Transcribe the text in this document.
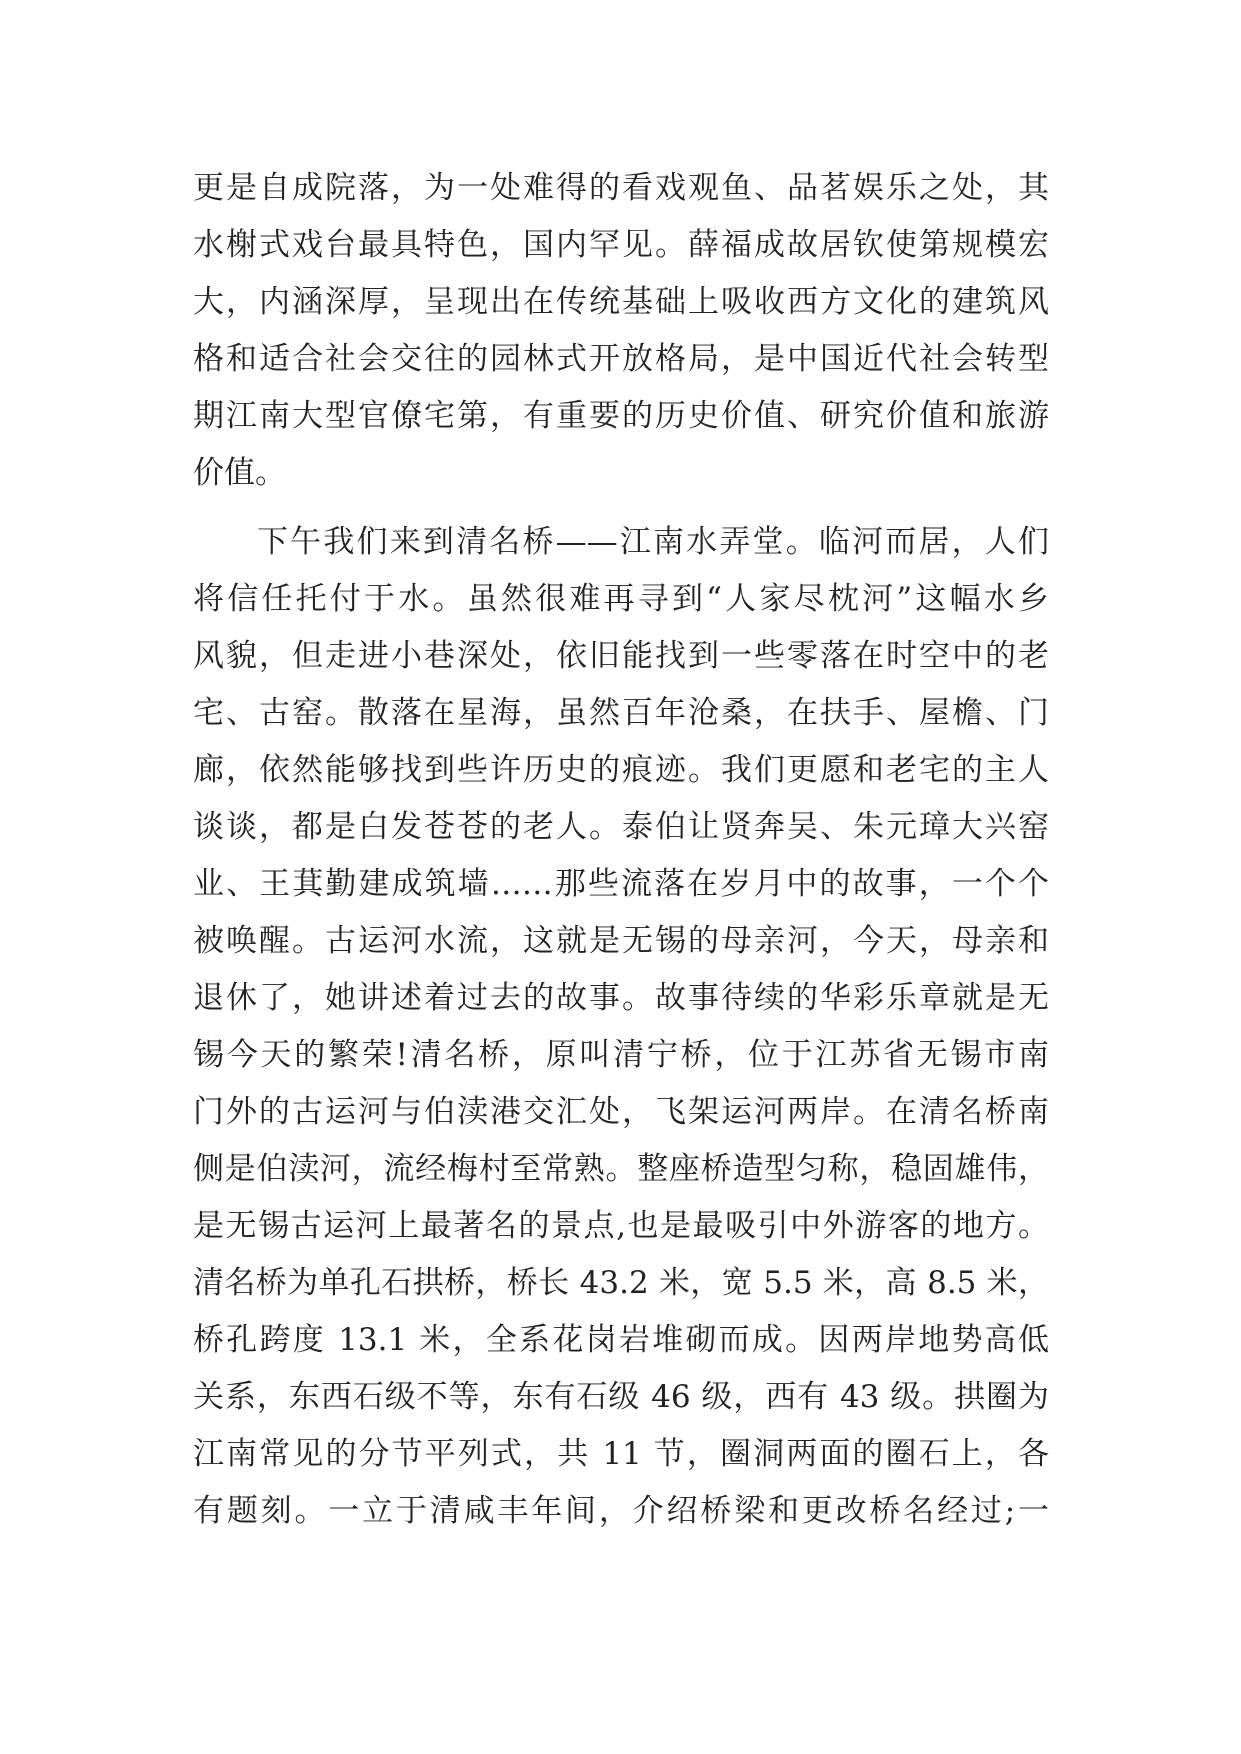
更是自成院落，为一处难得的看戏观鱼、品茗娱乐之处，其
水榭式戏台最具特色，国内罕见。薛福成故居钦使第规模宏
大，内涵深厚，呈现出在传统基础上吸收西方文化的建筑风
格和适合社会交往的园林式开放格局，是中国近代社会转型
期江南大型官僚宅第，有重要的历史价值、研究价值和旅游
价值。
下午我们来到清名桥——江南水弄堂。临河而居，人们
将信任托付于水。虽然很难再寻到“人家尽枕河”这幅水乡
风貌，但走进小巷深处，依旧能找到一些零落在时空中的老
宅、古窑。散落在星海，虽然百年沧桑，在扶手、屋檐、门
廊，依然能够找到些许历史的痕迹。我们更愿和老宅的主人
谈谈，都是白发苍苍的老人。泰伯让贤奔吴、朱元璋大兴窑
业、王萁勤建成筑墙……那些流落在岁月中的故事，一个个
被唤醒。古运河水流，这就是无锡的母亲河，今天，母亲和
退休了，她讲述着过去的故事。故事待续的华彩乐章就是无
锡今天的繁荣!清名桥，原叫清宁桥，位于江苏省无锡市南
门外的古运河与伯渎港交汇处，飞架运河两岸。在清名桥南
侧是伯渎河，流经梅村至常熟。整座桥造型匀称，稳固雄伟，
是无锡古运河上最著名的景点,也是最吸引中外游客的地方。
清名桥为单孔石拱桥，桥长 43.2 米，宽 5.5 米，高 8.5 米，
桥孔跨度 13.1 米，全系花岗岩堆砌而成。因两岸地势高低
关系，东西石级不等，东有石级 46 级，西有 43 级。拱圈为
江南常见的分节平列式，共 11 节，圈洞两面的圈石上，各
有题刻。一立于清咸丰年间，介绍桥梁和更改桥名经过;一
